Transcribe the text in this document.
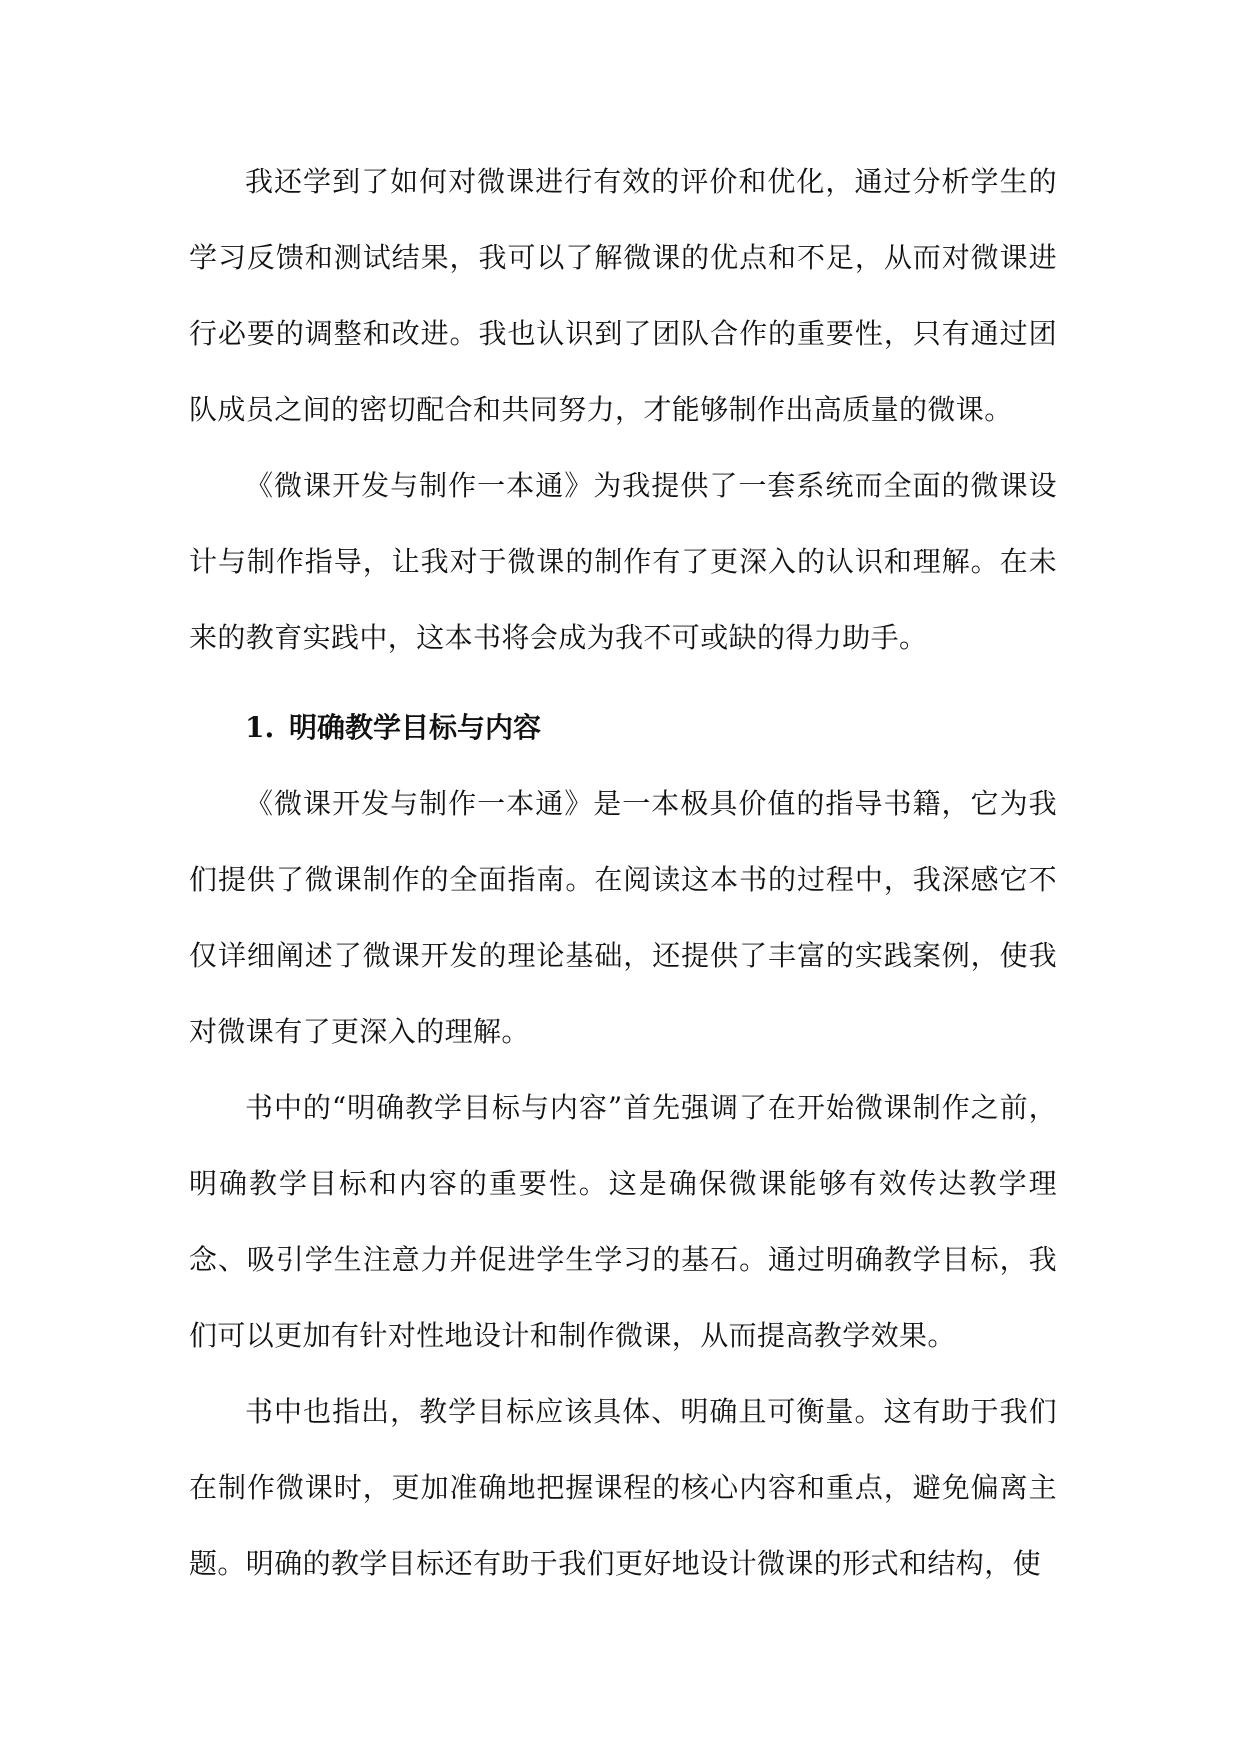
我还学到了如何对微课进行有效的评价和优化，通过分析学生的学习反馈和测试结果，我可以了解微课的优点和不足，从而对微课进行必要的调整和改进。我也认识到了团队合作的重要性，只有通过团队成员之间的密切配合和共同努力，才能够制作出高质量的微课。

《微课开发与制作一本通》为我提供了一套系统而全面的微课设计与制作指导，让我对于微课的制作有了更深入的认识和理解。在未来的教育实践中，这本书将会成为我不可或缺的得力助手。

1. 明确教学目标与内容

《微课开发与制作一本通》是一本极具价值的指导书籍，它为我们提供了微课制作的全面指南。在阅读这本书的过程中，我深感它不仅详细阐述了微课开发的理论基础，还提供了丰富的实践案例，使我对微课有了更深入的理解。

书中的“明确教学目标与内容”首先强调了在开始微课制作之前，明确教学目标和内容的重要性。这是确保微课能够有效传达教学理念、吸引学生注意力并促进学生学习的基石。通过明确教学目标，我们可以更加有针对性地设计和制作微课，从而提高教学效果。

书中也指出，教学目标应该具体、明确且可衡量。这有助于我们在制作微课时，更加准确地把握课程的核心内容和重点，避免偏离主题。明确的教学目标还有助于我们更好地设计微课的形式和结构，使
